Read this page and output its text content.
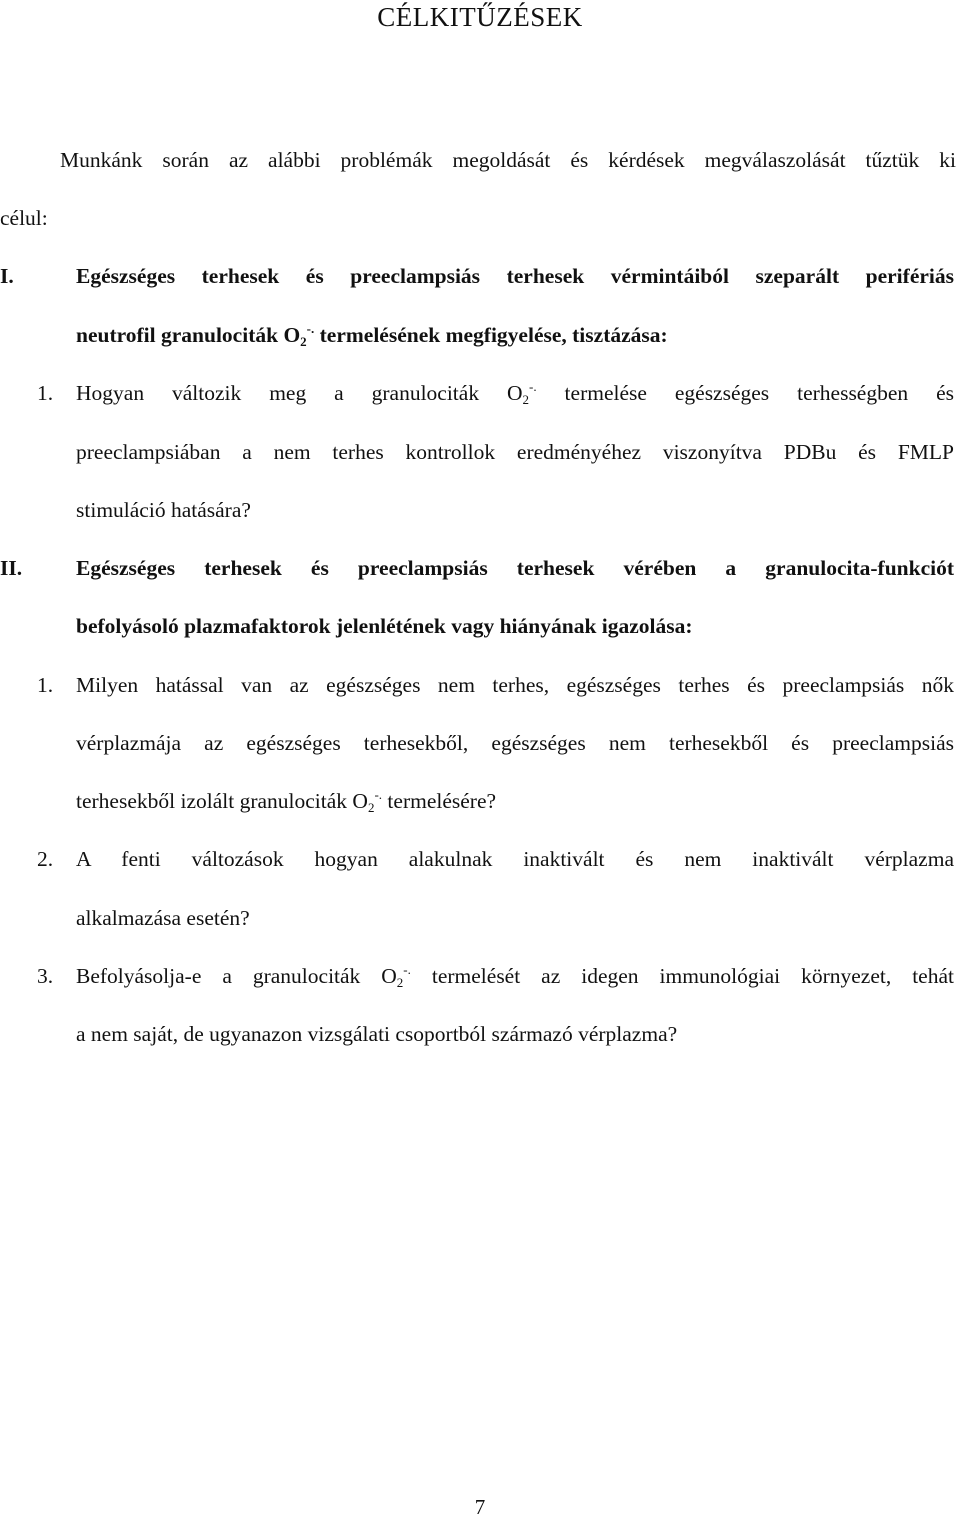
CÉLKITŰZÉSEK
Munkánk során az alábbi problémák megoldását és kérdések megválaszolását tűztük ki
célul:
I.	Egészséges terhesek és preeclampsiás terhesek vérmintáiból szeparált perifériás
neutrofil granulociták $O_2^{-.}$ termelésének megfigyelése, tisztázása:
1. Hogyan változik meg a granulociták $O_2^{-.}$ termelése egészséges terhességben és
preeclampsiában a nem terhes kontrollok eredményéhez viszonyítva PDBu és FMLP
stimuláció hatására?
II.	Egészséges terhesek és preeclampsiás terhesek vérében a granulocita-funkciót
befolyásoló plazmafaktorok jelenlétének vagy hiányának igazolása:
1. Milyen hatással van az egészséges nem terhes, egészséges terhes és preeclampsiás nők
vérplazmája az egészséges terhesekből, egészséges nem terhesekből és preeclampsiás
terhesekből izolált granulociták $O_2^{-.}$ termelésére?
2. A fenti változások hogyan alakulnak inaktivált és nem inaktivált vérplazma
alkalmazása esetén?
3. Befolyásolja-e a granulociták $O_2^{-.}$ termelését az idegen immunológiai környezet, tehát
a nem saját, de ugyanazon vizsgálati csoportból származó vérplazma?
7
